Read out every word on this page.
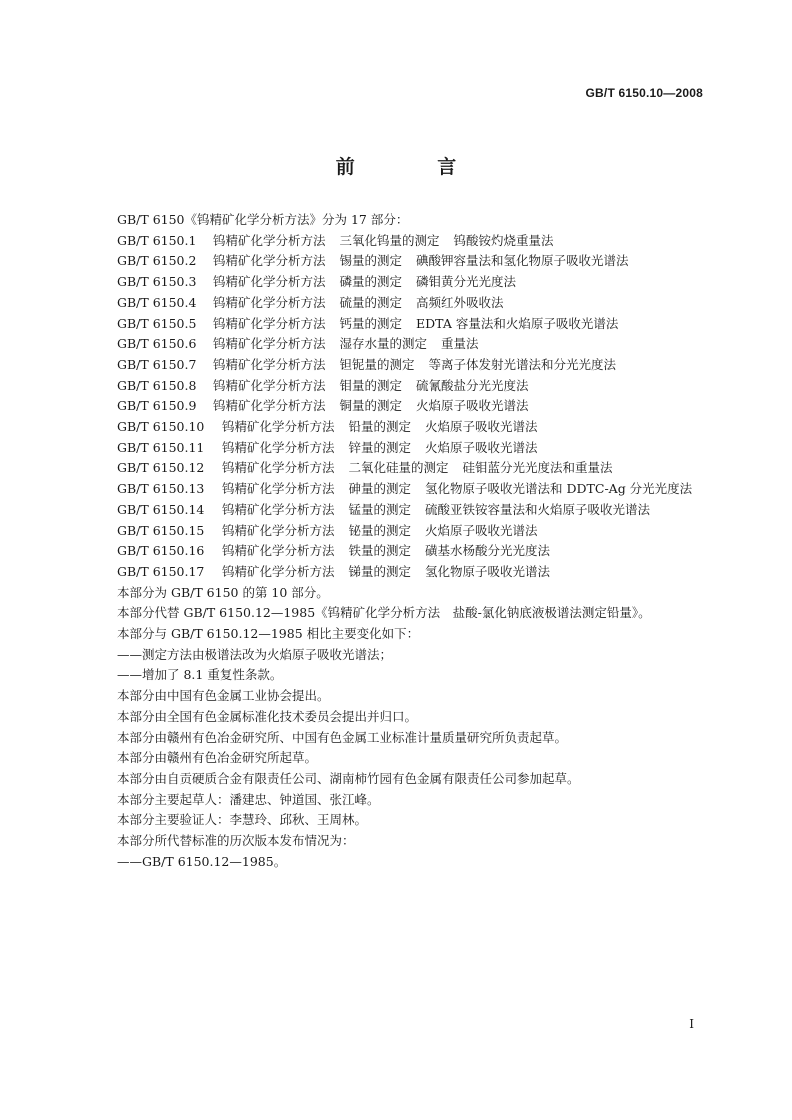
GB/T 6150.10—2008
前 言
GB/T 6150《钨精矿化学分析方法》分为 17 部分：
GB/T 6150.1	钨精矿化学分析方法 三氧化钨量的测定 钨酸铵灼烧重量法
GB/T 6150.2	钨精矿化学分析方法 锡量的测定 碘酸钾容量法和氢化物原子吸收光谱法
GB/T 6150.3	钨精矿化学分析方法 磷量的测定 磷钼黄分光光度法
GB/T 6150.4	钨精矿化学分析方法 硫量的测定 高频红外吸收法
GB/T 6150.5	钨精矿化学分析方法 钙量的测定 EDTA 容量法和火焰原子吸收光谱法
GB/T 6150.6	钨精矿化学分析方法 湿存水量的测定 重量法
GB/T 6150.7	钨精矿化学分析方法 钽铌量的测定 等离子体发射光谱法和分光光度法
GB/T 6150.8	钨精矿化学分析方法 钼量的测定 硫氰酸盐分光光度法
GB/T 6150.9	钨精矿化学分析方法 铜量的测定 火焰原子吸收光谱法
GB/T 6150.10	钨精矿化学分析方法 铅量的测定 火焰原子吸收光谱法
GB/T 6150.11	钨精矿化学分析方法 锌量的测定 火焰原子吸收光谱法
GB/T 6150.12	钨精矿化学分析方法 二氧化硅量的测定 硅钼蓝分光光度法和重量法
GB/T 6150.13	钨精矿化学分析方法 砷量的测定 氢化物原子吸收光谱法和 DDTC-Ag 分光光度法
GB/T 6150.14	钨精矿化学分析方法 锰量的测定 硫酸亚铁铵容量法和火焰原子吸收光谱法
GB/T 6150.15	钨精矿化学分析方法 铋量的测定 火焰原子吸收光谱法
GB/T 6150.16	钨精矿化学分析方法 铁量的测定 磺基水杨酸分光光度法
GB/T 6150.17	钨精矿化学分析方法 锑量的测定 氢化物原子吸收光谱法
本部分为 GB/T 6150 的第 10 部分。
本部分代替 GB/T 6150.12—1985《钨精矿化学分析方法　盐酸-氯化钠底液极谱法测定铅量》。
本部分与 GB/T 6150.12—1985 相比主要变化如下：
——测定方法由极谱法改为火焰原子吸收光谱法；
——增加了 8.1 重复性条款。
本部分由中国有色金属工业协会提出。
本部分由全国有色金属标准化技术委员会提出并归口。
本部分由赣州有色冶金研究所、中国有色金属工业标准计量质量研究所负责起草。
本部分由赣州有色冶金研究所起草。
本部分由自贡硬质合金有限责任公司、湖南柿竹园有色金属有限责任公司参加起草。
本部分主要起草人：潘建忠、钟道国、张江峰。
本部分主要验证人：李慧玲、邱秋、王周林。
本部分所代替标准的历次版本发布情况为：
——GB/T 6150.12—1985。
I
